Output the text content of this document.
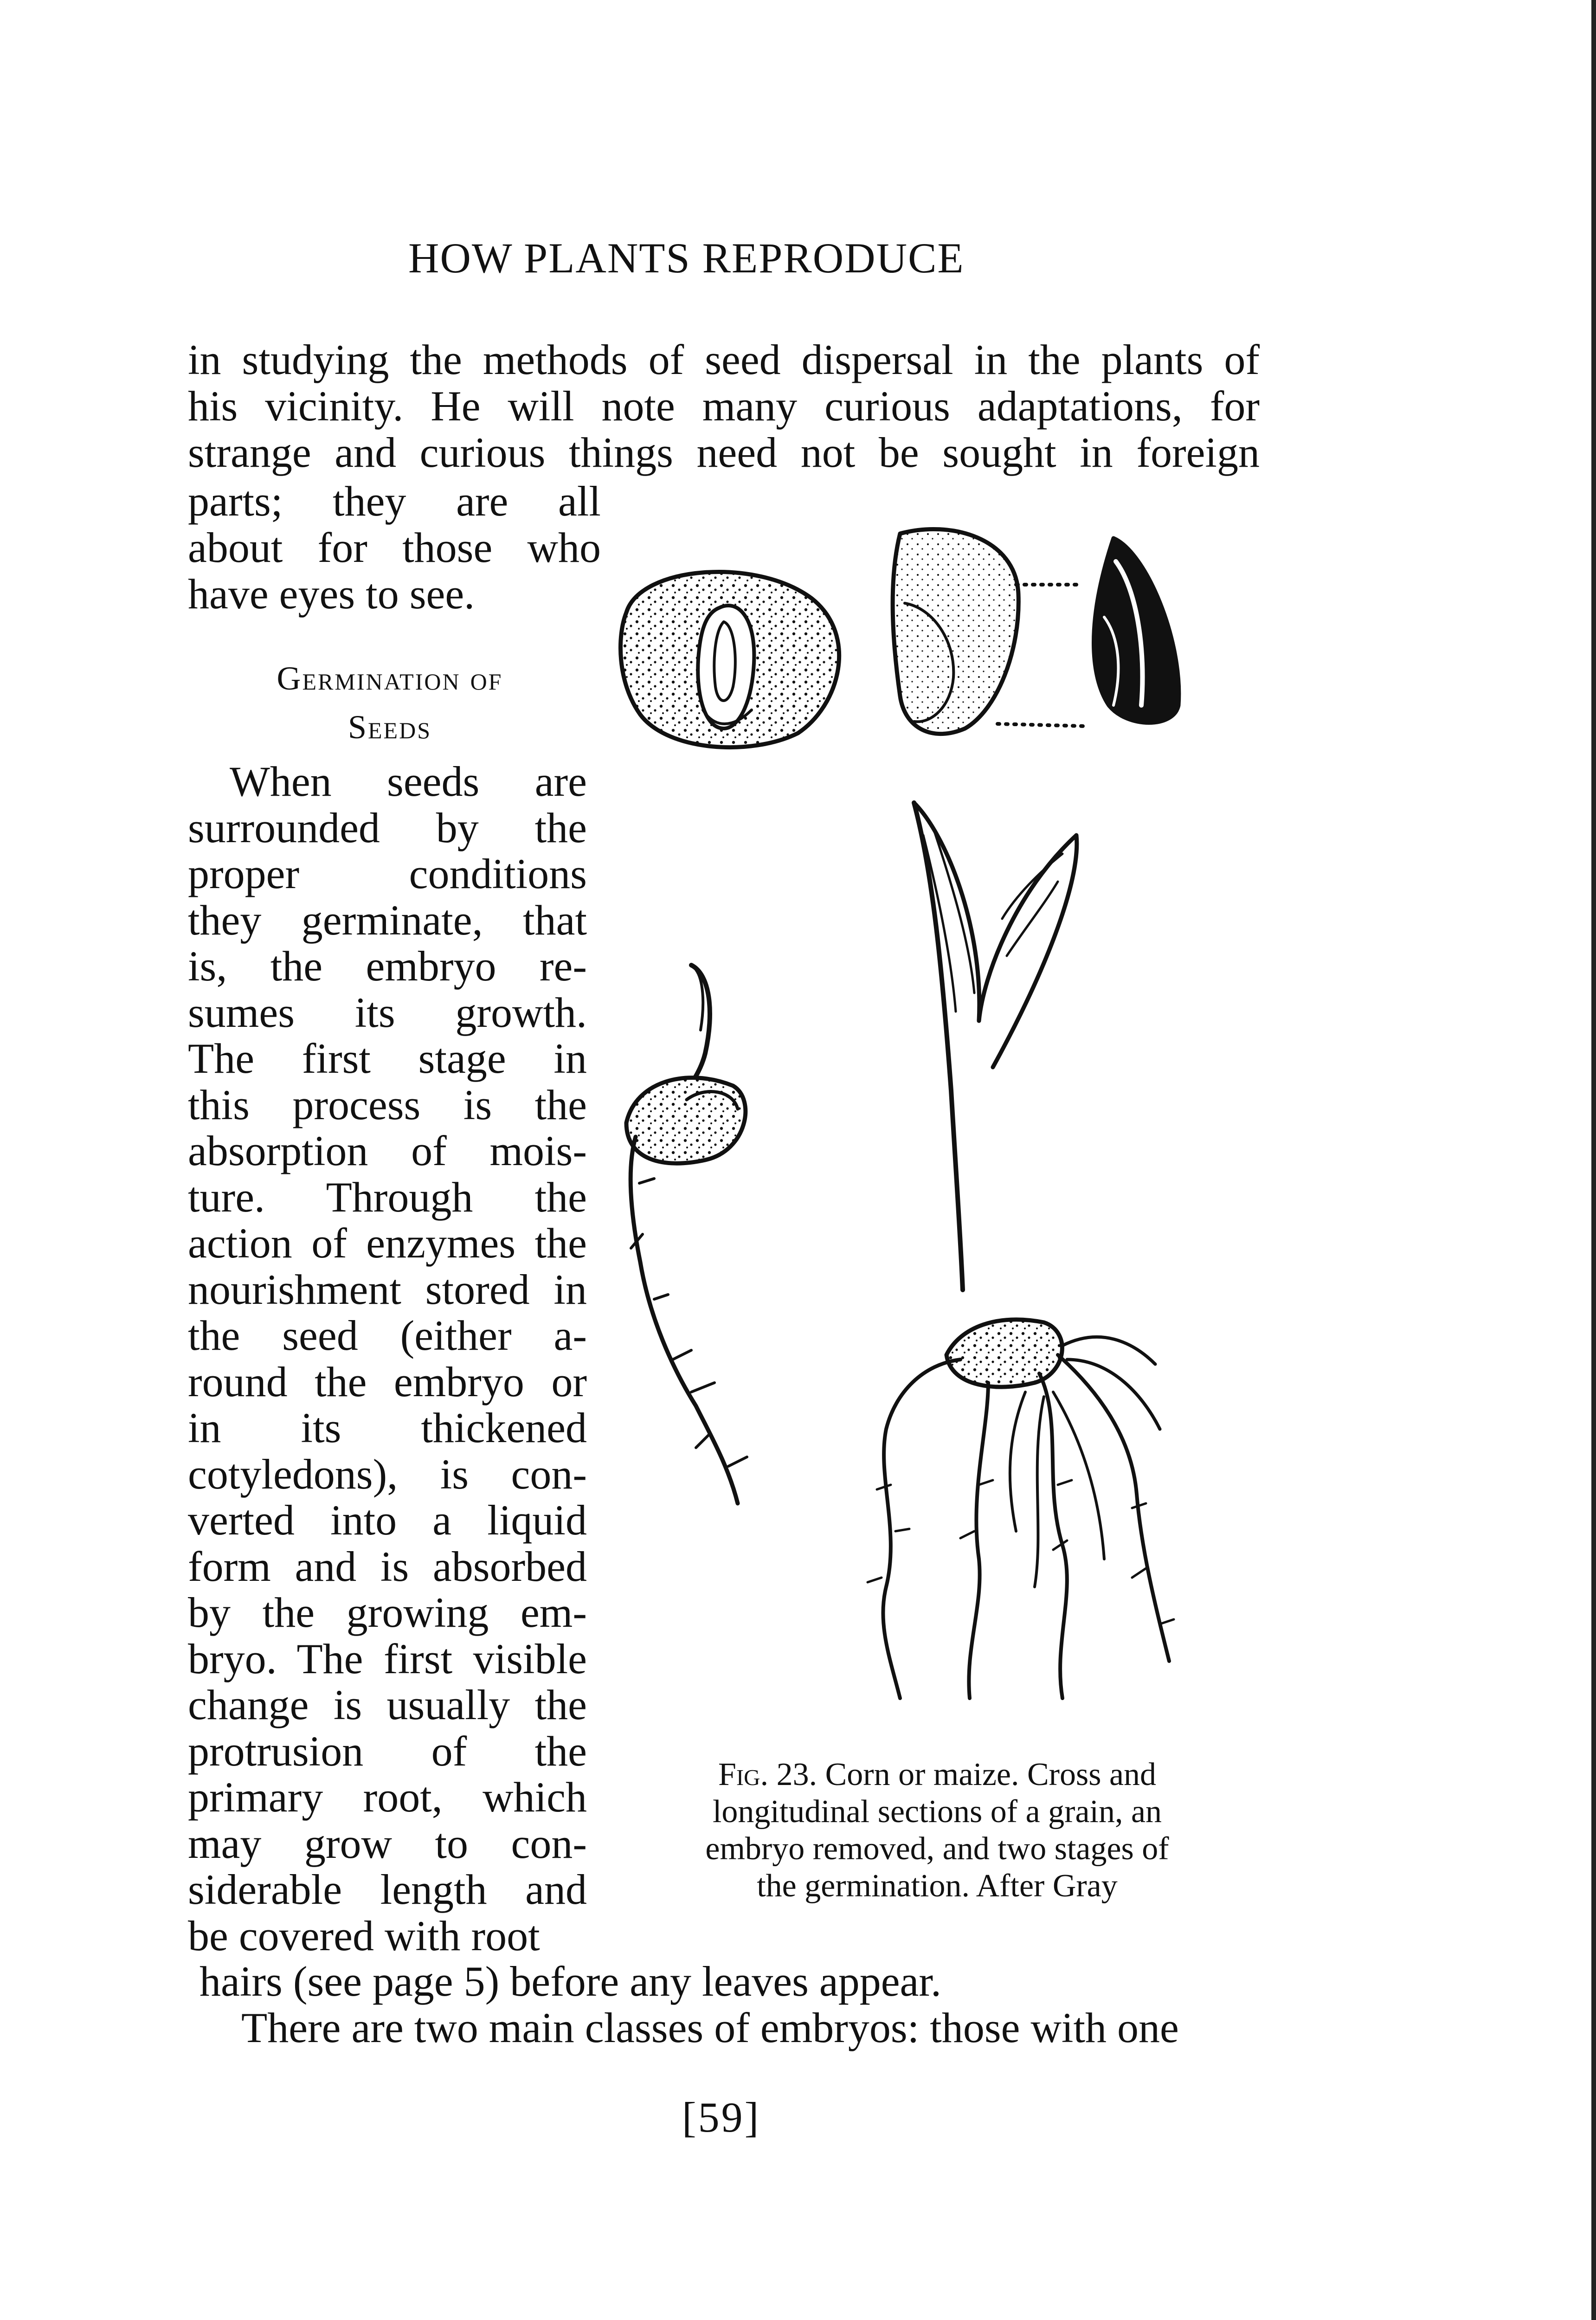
HOW PLANTS REPRODUCE
in studying the methods of seed dispersal in the plants of
his vicinity. He will note many curious adaptations, for
strange and curious things need not be sought in foreign
parts; they are all
about for those who
have eyes to see.
Germination of Seeds
When seeds are
surrounded by the
proper conditions
they germinate, that
is, the embryo re-
sumes its growth.
The first stage in
this process is the
absorption of mois-
ture. Through the
action of enzymes the
nourishment stored in
the seed (either a-
round the embryo or
in its thickened
cotyledons), is con-
verted into a liquid
form and is absorbed
by the growing em-
bryo. The first visible
change is usually the
protrusion of the
primary root, which
may grow to con-
siderable length and
be covered with root
Fig. 23. Corn or maize. Cross and
longitudinal sections of a grain, an
embryo removed, and two stages of
the germination. After Gray
hairs (see page 5) before any leaves appear.
There are two main classes of embryos: those with one
[59]
